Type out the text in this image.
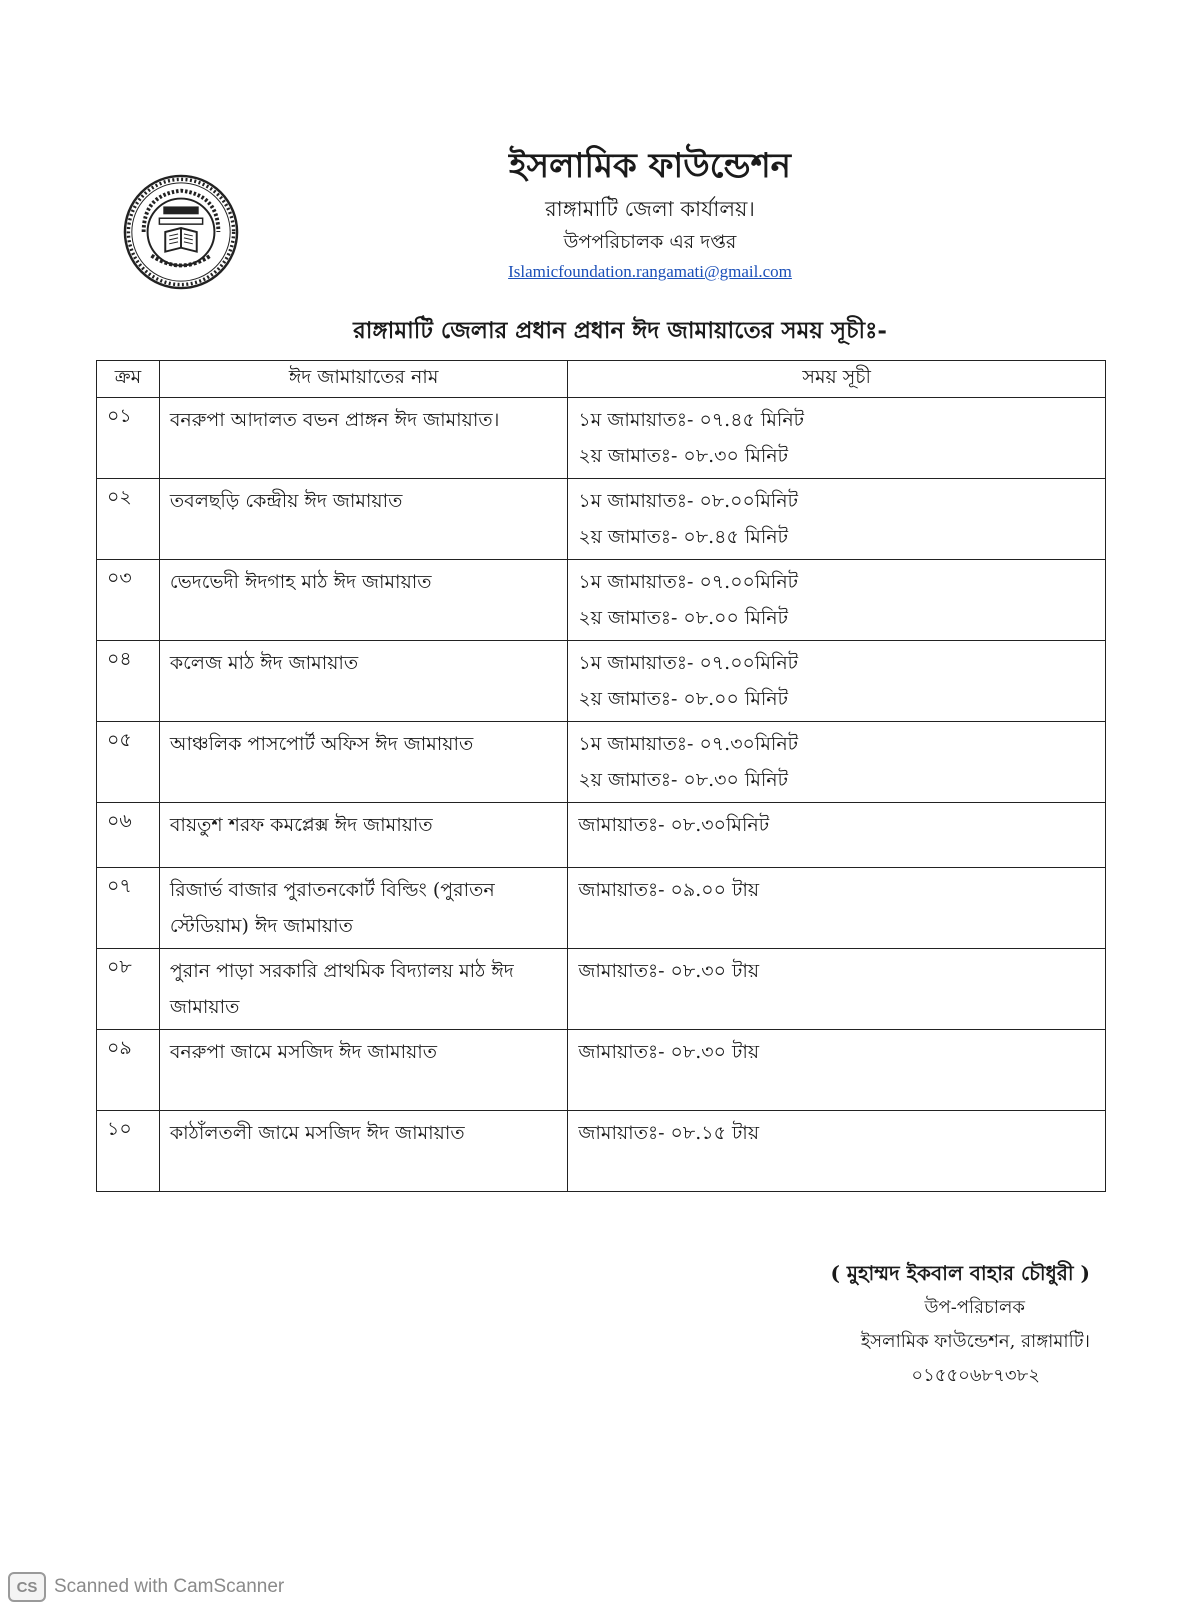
ইসলামিক ফাউন্ডেশন

রাঙ্গামাটি জেলা কার্যালয়।

উপপরিচালক এর দপ্তর

Islamicfoundation.rangamati@gmail.com
রাঙ্গামাটি জেলার প্রধান প্রধান ঈদ জামায়াতের সময় সূচীঃ-
ক্রম	ঈদ জামায়াতের নাম	সময় সূচী
০১	বনরুপা আদালত বভন প্রাঙ্গন ঈদ জামায়াত।	১ম জামায়াতঃ- ০৭.৪৫ মিনিট
২য় জামাতঃ- ০৮.৩০ মিনিট

০২	তবলছড়ি কেন্দ্রীয় ঈদ জামায়াত	১ম জামায়াতঃ- ০৮.০০মিনিট
২য় জামাতঃ- ০৮.৪৫ মিনিট

০৩	ভেদভেদী ঈদগাহ মাঠ ঈদ জামায়াত	১ম জামায়াতঃ- ০৭.০০মিনিট
২য় জামাতঃ- ০৮.০০ মিনিট

০৪	কলেজ মাঠ ঈদ জামায়াত	১ম জামায়াতঃ- ০৭.০০মিনিট
২য় জামাতঃ- ০৮.০০ মিনিট

০৫	আঞ্চলিক পাসপোর্ট অফিস ঈদ জামায়াত	১ম জামায়াতঃ- ০৭.৩০মিনিট
২য় জামাতঃ- ০৮.৩০ মিনিট

০৬	বায়তুশ শরফ কমপ্লেক্স ঈদ জামায়াত	জামায়াতঃ- ০৮.৩০মিনিট

০৭	রিজার্ভ বাজার পুরাতনকোর্ট বিল্ডিং (পুরাতন স্টেডিয়াম) ঈদ জামায়াত	জামায়াতঃ- ০৯.০০ টায়

০৮	পুরান পাড়া সরকারি প্রাথমিক বিদ্যালয় মাঠ ঈদ জামায়াত	জামায়াতঃ- ০৮.৩০ টায়

০৯	বনরুপা জামে মসজিদ ঈদ জামায়াত	জামায়াতঃ- ০৮.৩০ টায়

১০	কাঠাঁলতলী জামে মসজিদ ঈদ জামায়াত	জামায়াতঃ- ০৮.১৫ টায়
( মুহাম্মদ ইকবাল বাহার চৌধুরী )
উপ-পরিচালক
ইসলামিক ফাউন্ডেশন, রাঙ্গামাটি।
০১৫৫০৬৮৭৩৮২
CS Scanned with CamScanner
